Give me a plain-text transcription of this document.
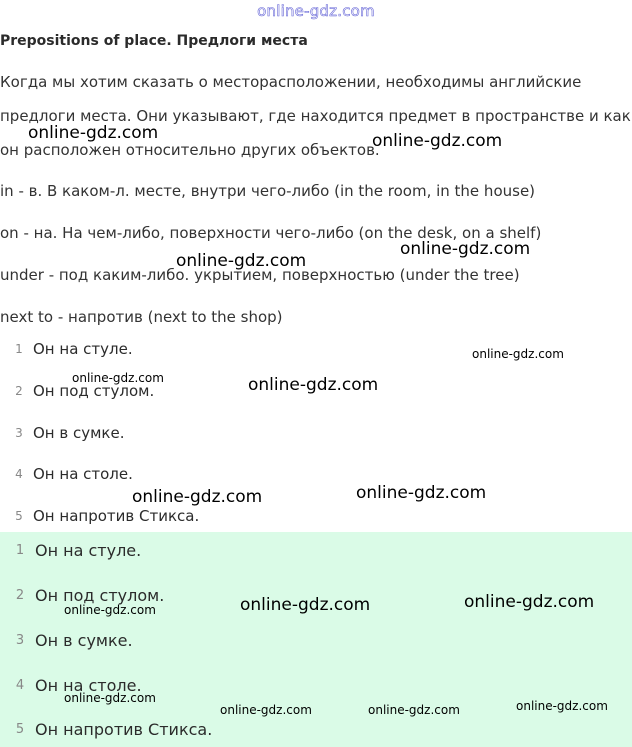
online-gdz.com
Prepositions of place. Предлоги места
Когда мы хотим сказать о месторасположении, необходимы английские
предлоги места. Они указывают, где находится предмет в пространстве и как
он расположен относительно других объектов.
in - в. В каком-л. месте, внутри чего-либо (in the room, in the house)
on - на. На чем-либо, поверхности чего-либо (on the desk, on a shelf)
under - под каким-либо. укрытием, поверхностью (under the tree)
next to - напротив (next to the shop)
1 Он на стуле.
2 Он под стулом.
3 Он в сумке.
4 Он на столе.
5 Он напротив Стикса.
1 Он на стуле.
2 Он под стулом.
3 Он в сумке.
4 Он на столе.
5 Он напротив Стикса.
online-gdz.com	online-gdz.com
online-gdz.com
online-gdz.com
online-gdz.com
online-gdz.com	online-gdz.com
online-gdz.com
online-gdz.com
online-gdz.com
online-gdz.com
online-gdz.com
online-gdz.com
online-gdz.com
online-gdz.com	online-gdz.com
